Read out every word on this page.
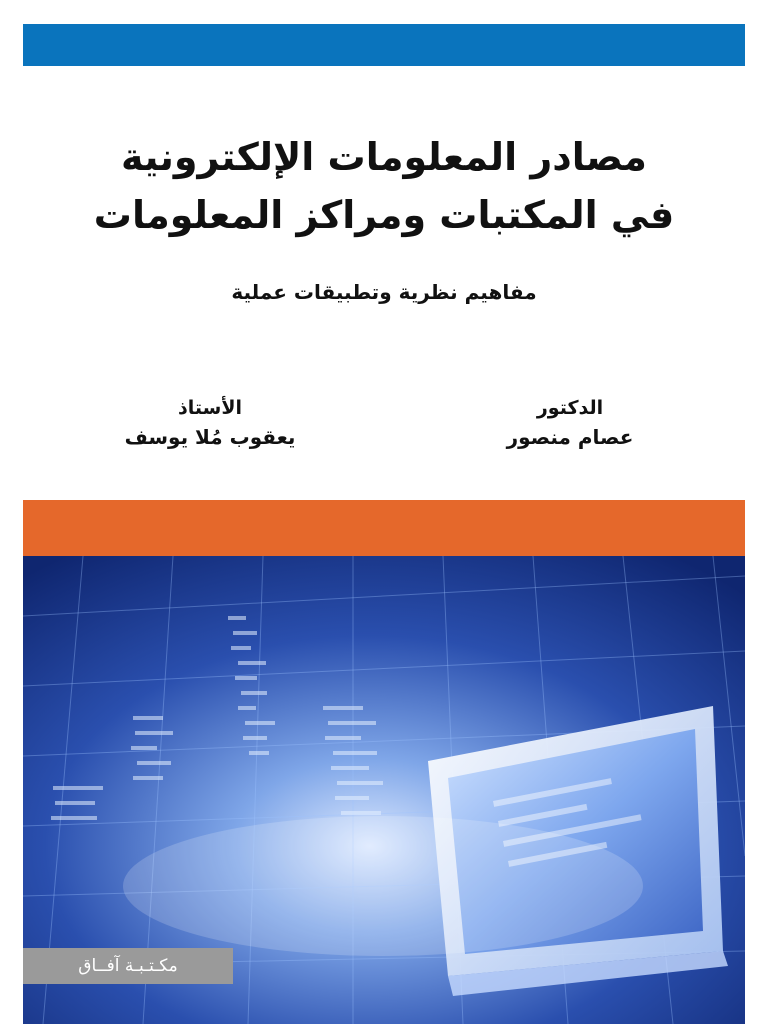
مصادر المعلومات الإلكترونية
في المكتبات ومراكز المعلومات
مفاهيم نظرية وتطبيقات عملية
الدكتور
عصام منصور
الأستاذ
يعقوب مُلا يوسف
مكـتـبـة آفــاق
